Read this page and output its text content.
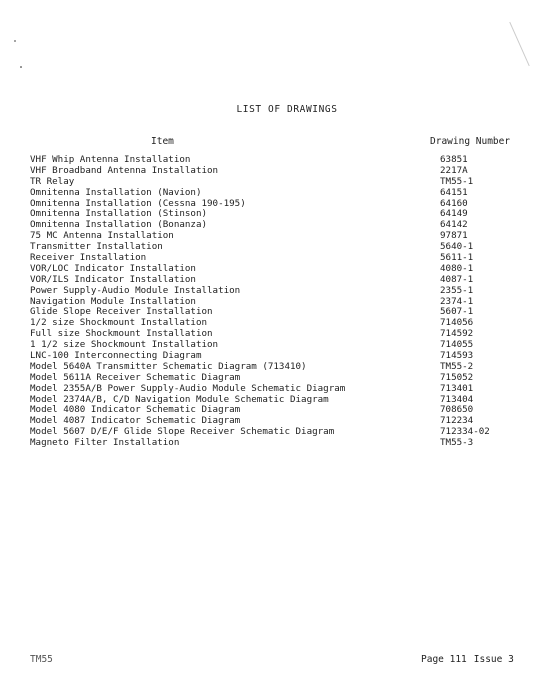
LIST OF DRAWINGS
Item	Drawing Number
VHF Whip Antenna Installation	63851
VHF Broadband Antenna Installation	2217A
TR Relay	TM55-1
Omnitenna Installation (Navion)	64151
Omnitenna Installation (Cessna 190-195)	64160
Omnitenna Installation (Stinson)	64149
Omnitenna Installation (Bonanza)	64142
75 MC Antenna Installation	97871
Transmitter Installation	5640-1
Receiver Installation	5611-1
VOR/LOC Indicator Installation	4080-1
VOR/ILS Indicator Installation	4087-1
Power Supply-Audio Module Installation	2355-1
Navigation Module Installation	2374-1
Glide Slope Receiver Installation	5607-1
1/2 size Shockmount Installation	714056
Full size Shockmount Installation	714592
1 1/2 size Shockmount Installation	714055
LNC-100 Interconnecting Diagram	714593
Model 5640A Transmitter Schematic Diagram (713410)	TM55-2
Model 5611A Receiver Schematic Diagram	715052
Model 2355A/B Power Supply-Audio Module Schematic Diagram	713401
Model 2374A/B, C/D Navigation Module Schematic Diagram	713404
Model 4080 Indicator Schematic Diagram	708650
Model 4087 Indicator Schematic Diagram	712234
Model 5607 D/E/F Glide Slope Receiver Schematic Diagram	712334-02
Magneto Filter Installation	TM55-3
TM55	Page 111 Issue 3
